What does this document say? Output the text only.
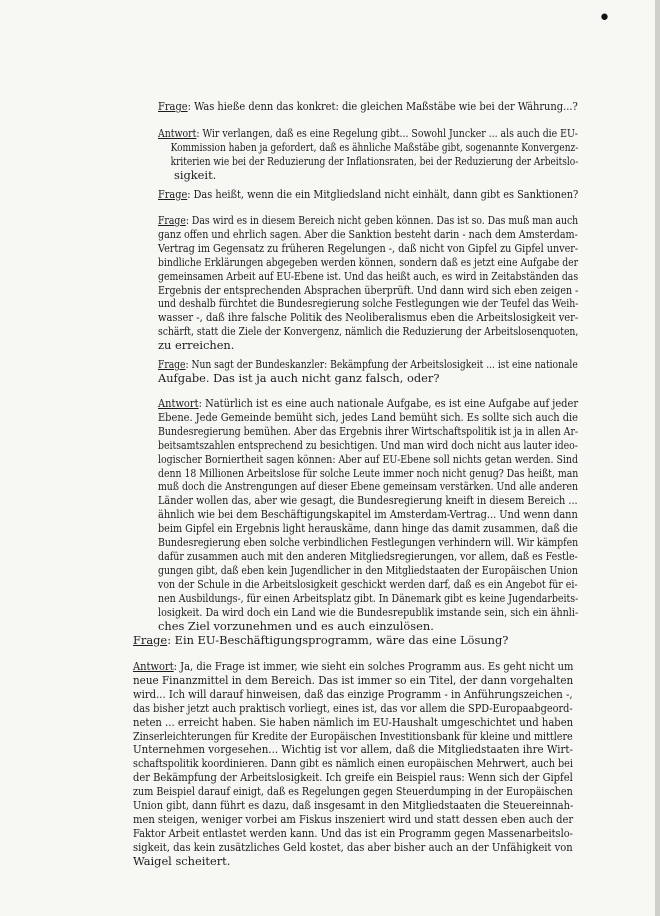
•
Frage: Was hieße denn das konkret: die gleichen Maßstäbe wie bei der Währung...?
Antwort: Wir verlangen, daß es eine Regelung gibt... Sowohl Juncker ... als auch die EU-
Kommission haben ja gefordert, daß es ähnliche Maßstäbe gibt, sogenannte Konvergenz-
kriterien wie bei der Reduzierung der Inflationsraten, bei der Reduzierung der Arbeitslo-
sigkeit.
Frage: Das heißt, wenn die ein Mitgliedsland nicht einhält, dann gibt es Sanktionen?
Frage: Das wird es in diesem Bereich nicht geben können. Das ist so. Das muß man auch
ganz offen und ehrlich sagen. Aber die Sanktion besteht darin - nach dem Amsterdam-
Vertrag im Gegensatz zu früheren Regelungen -, daß nicht von Gipfel zu Gipfel unver-
bindliche Erklärungen abgegeben werden können, sondern daß es jetzt eine Aufgabe der
gemeinsamen Arbeit auf EU-Ebene ist. Und das heißt auch, es wird in Zeitabständen das
Ergebnis der entsprechenden Absprachen überprüft. Und dann wird sich eben zeigen -
und deshalb fürchtet die Bundesregierung solche Festlegungen wie der Teufel das Weih-
wasser -, daß ihre falsche Politik des Neoliberalismus eben die Arbeitslosigkeit ver-
schärft, statt die Ziele der Konvergenz, nämlich die Reduzierung der Arbeitslosenquoten,
zu erreichen.
Frage: Nun sagt der Bundeskanzler: Bekämpfung der Arbeitslosigkeit ... ist eine nationale
Aufgabe. Das ist ja auch nicht ganz falsch, oder?
Antwort: Natürlich ist es eine auch nationale Aufgabe, es ist eine Aufgabe auf jeder
Ebene. Jede Gemeinde bemüht sich, jedes Land bemüht sich. Es sollte sich auch die
Bundesregierung bemühen. Aber das Ergebnis ihrer Wirtschaftspolitik ist ja in allen Ar-
beitsamtszahlen entsprechend zu besichtigen. Und man wird doch nicht aus lauter ideo-
logischer Borniertheit sagen können: Aber auf EU-Ebene soll nichts getan werden. Sind
denn 18 Millionen Arbeitslose für solche Leute immer noch nicht genug? Das heißt, man
muß doch die Anstrengungen auf dieser Ebene gemeinsam verstärken. Und alle anderen
Länder wollen das, aber wie gesagt, die Bundesregierung kneift in diesem Bereich ...
ähnlich wie bei dem Beschäftigungskapitel im Amsterdam-Vertrag... Und wenn dann
beim Gipfel ein Ergebnis light herauskäme, dann hinge das damit zusammen, daß die
Bundesregierung eben solche verbindlichen Festlegungen verhindern will. Wir kämpfen
dafür zusammen auch mit den anderen Mitgliedsregierungen, vor allem, daß es Festle-
gungen gibt, daß eben kein Jugendlicher in den Mitgliedstaaten der Europäischen Union
von der Schule in die Arbeitslosigkeit geschickt werden darf, daß es ein Angebot für ei-
nen Ausbildungs-, für einen Arbeitsplatz gibt. In Dänemark gibt es keine Jugendarbeits-
losigkeit. Da wird doch ein Land wie die Bundesrepublik imstande sein, sich ein ähnli-
ches Ziel vorzunehmen und es auch einzulösen.
Frage: Ein EU-Beschäftigungsprogramm, wäre das eine Lösung?
Antwort: Ja, die Frage ist immer, wie sieht ein solches Programm aus. Es geht nicht um
neue Finanzmittel in dem Bereich. Das ist immer so ein Titel, der dann vorgehalten
wird... Ich will darauf hinweisen, daß das einzige Programm - in Anführungszeichen -,
das bisher jetzt auch praktisch vorliegt, eines ist, das vor allem die SPD-Europaabgeord-
neten ... erreicht haben. Sie haben nämlich im EU-Haushalt umgeschichtet und haben
Zinserleichterungen für Kredite der Europäischen Investitionsbank für kleine und mittlere
Unternehmen vorgesehen... Wichtig ist vor allem, daß die Mitgliedstaaten ihre Wirt-
schaftspolitik koordinieren. Dann gibt es nämlich einen europäischen Mehrwert, auch bei
der Bekämpfung der Arbeitslosigkeit. Ich greife ein Beispiel raus: Wenn sich der Gipfel
zum Beispiel darauf einigt, daß es Regelungen gegen Steuerdumping in der Europäischen
Union gibt, dann führt es dazu, daß insgesamt in den Mitgliedstaaten die Steuereinnah-
men steigen, weniger vorbei am Fiskus inszeniert wird und statt dessen eben auch der
Faktor Arbeit entlastet werden kann. Und das ist ein Programm gegen Massenarbeitslo-
sigkeit, das kein zusätzliches Geld kostet, das aber bisher auch an der Unfähigkeit von
Waigel scheitert.
